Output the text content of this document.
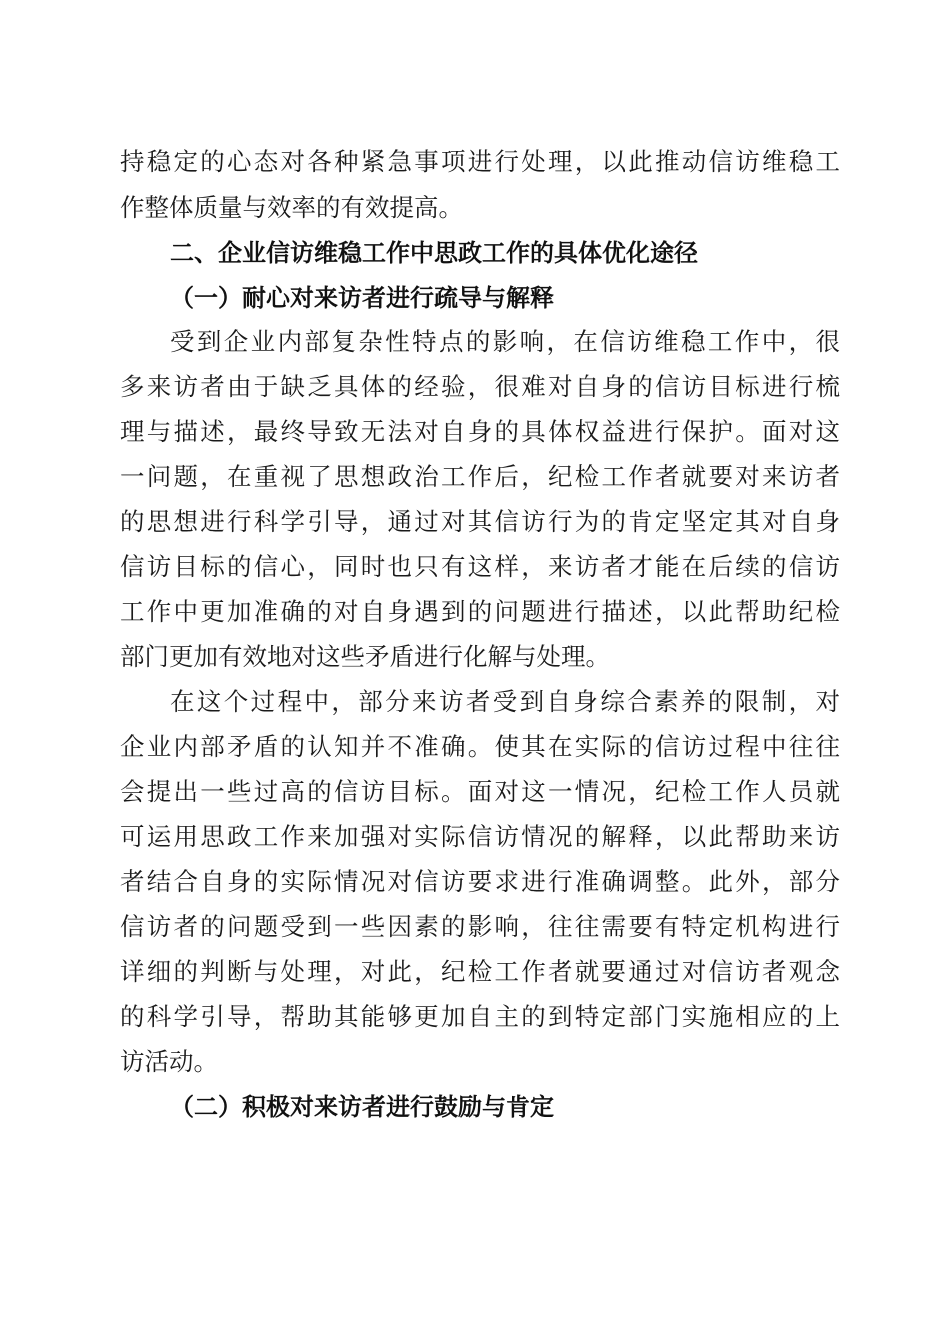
持稳定的心态对各种紧急事项进行处理，以此推动信访维稳工
作整体质量与效率的有效提高。
二、企业信访维稳工作中思政工作的具体优化途径
（一）耐心对来访者进行疏导与解释
受到企业内部复杂性特点的影响，在信访维稳工作中，很
多来访者由于缺乏具体的经验，很难对自身的信访目标进行梳
理与描述，最终导致无法对自身的具体权益进行保护。面对这
一问题，在重视了思想政治工作后，纪检工作者就要对来访者
的思想进行科学引导，通过对其信访行为的肯定坚定其对自身
信访目标的信心，同时也只有这样，来访者才能在后续的信访
工作中更加准确的对自身遇到的问题进行描述，以此帮助纪检
部门更加有效地对这些矛盾进行化解与处理。
在这个过程中，部分来访者受到自身综合素养的限制，对
企业内部矛盾的认知并不准确。使其在实际的信访过程中往往
会提出一些过高的信访目标。面对这一情况，纪检工作人员就
可运用思政工作来加强对实际信访情况的解释，以此帮助来访
者结合自身的实际情况对信访要求进行准确调整。此外，部分
信访者的问题受到一些因素的影响，往往需要有特定机构进行
详细的判断与处理，对此，纪检工作者就要通过对信访者观念
的科学引导，帮助其能够更加自主的到特定部门实施相应的上
访活动。
（二）积极对来访者进行鼓励与肯定
